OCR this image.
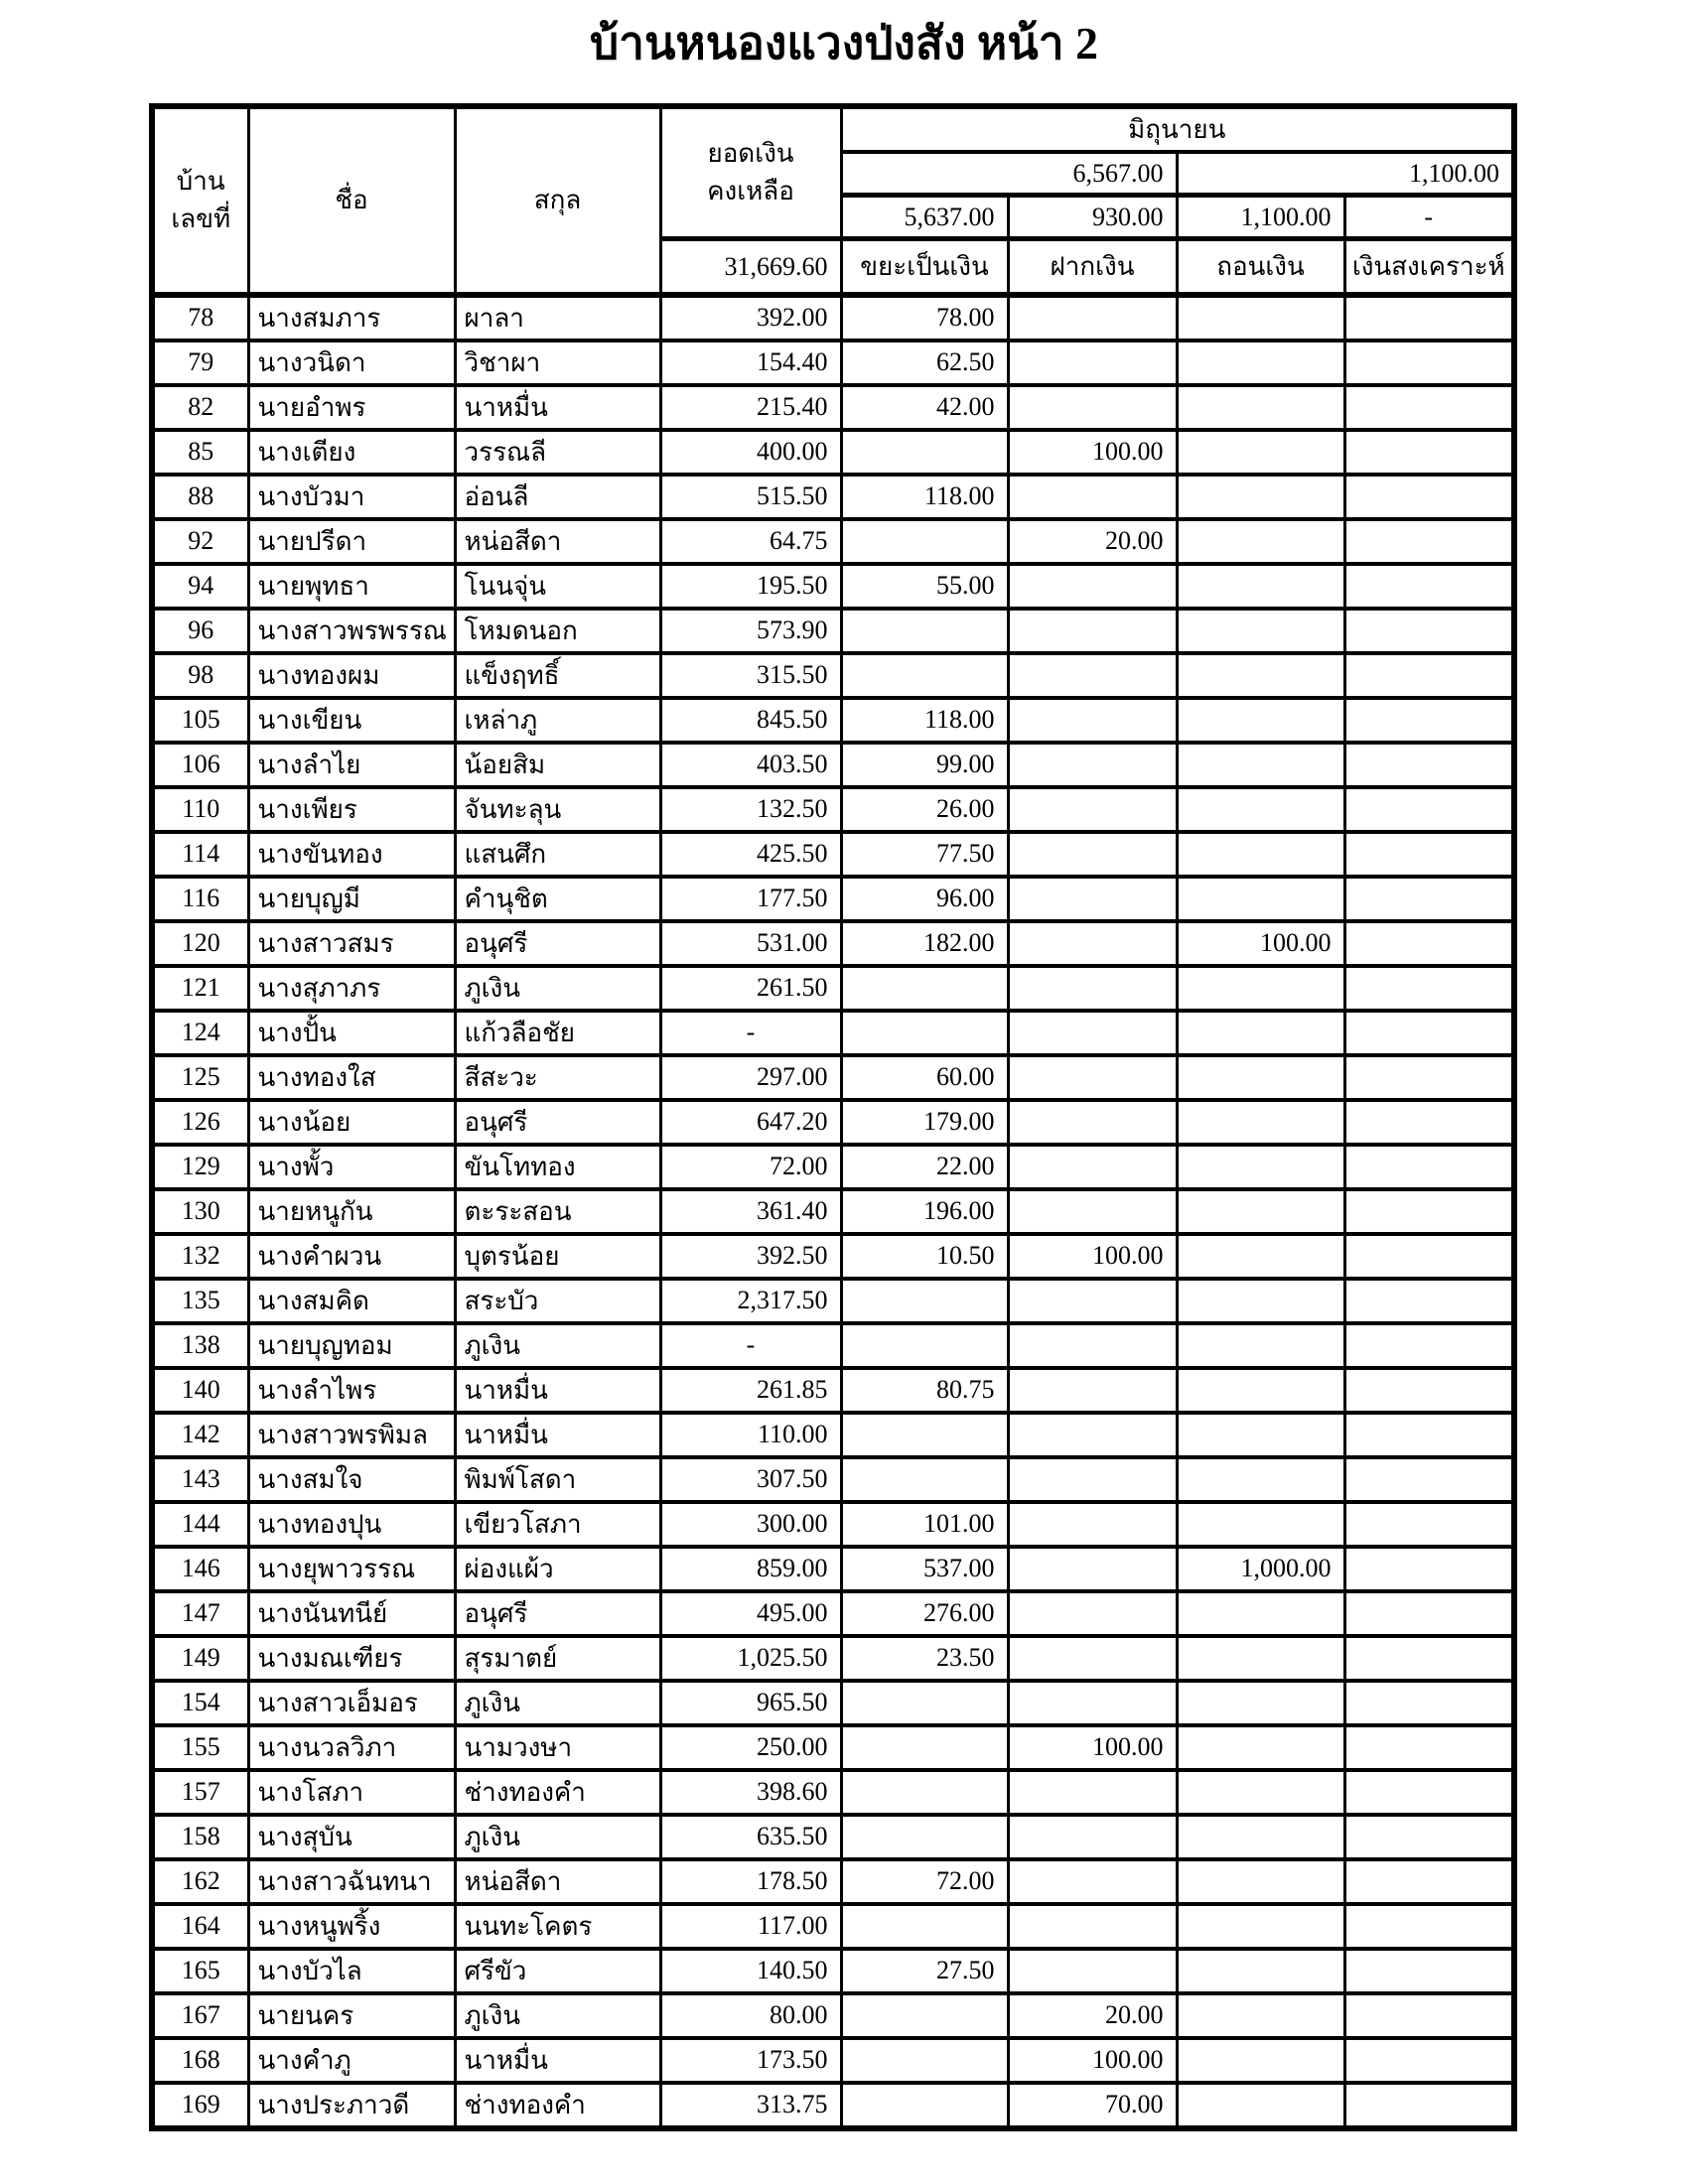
บ้านหนองแวงป่งสัง หน้า 2
บ้าน
เลขที่
	ชื่อ	สกุล	
ยอดเงิน
คงเหลือ
	มิถุนายน
				6,567.00		1,100.00	
				5,637.00	930.00	1,100.00	-
			31,669.60	ขยะเป็นเงิน	ฝากเงิน	ถอนเงิน	เงินสงเคราะห์
78	นางสมภาร	ผาลา	392.00	78.00			
79	นางวนิดา	วิชาผา	154.40	62.50			
82	นายอำพร	นาหมื่น	215.40	42.00			
85	นางเตียง	วรรณลี	400.00		100.00		
88	นางบัวมา	อ่อนลี	515.50	118.00			
92	นายปรีดา	หน่อสีดา	64.75		20.00		
94	นายพุทธา	โนนจุ่น	195.50	55.00			
96	นางสาวพรพรรณ	โหมดนอก	573.90				
98	นางทองผม	แข็งฤทธิ์	315.50				
105	นางเขียน	เหล่าภู	845.50	118.00			
106	นางลำไย	น้อยสิม	403.50	99.00			
110	นางเพียร	จันทะลุน	132.50	26.00			
114	นางขันทอง	แสนศึก	425.50	77.50			
116	นายบุญมี	คำนุชิต	177.50	96.00			
120	นางสาวสมร	อนุศรี	531.00	182.00		100.00	
121	นางสุภาภร	ภูเงิน	261.50				
124	นางปั้น	แก้วลือชัย	-				
125	นางทองใส	สีสะวะ	297.00	60.00			
126	นางน้อย	อนุศรี	647.20	179.00			
129	นางพั้ว	ขันโททอง	72.00	22.00			
130	นายหนูกัน	ตะระสอน	361.40	196.00			
132	นางคำผวน	บุตรน้อย	392.50	10.50	100.00		
135	นางสมคิด	สระบัว	2,317.50				
138	นายบุญทอม	ภูเงิน	-				
140	นางลำไพร	นาหมื่น	261.85	80.75			
142	นางสาวพรพิมล	นาหมื่น	110.00				
143	นางสมใจ	พิมพ์โสดา	307.50				
144	นางทองปุน	เขียวโสภา	300.00	101.00			
146	นางยุพาวรรณ	ผ่องแผ้ว	859.00	537.00		1,000.00	
147	นางนันทนีย์	อนุศรี	495.00	276.00			
149	นางมณเฑียร	สุรมาตย์	1,025.50	23.50			
154	นางสาวเอ็มอร	ภูเงิน	965.50				
155	นางนวลวิภา	นามวงษา	250.00		100.00		
157	นางโสภา	ช่างทองคำ	398.60				
158	นางสุบัน	ภูเงิน	635.50				
162	นางสาวฉันทนา	หน่อสีดา	178.50	72.00			
164	นางหนูพริ้ง	นนทะโคตร	117.00				
165	นางบัวไล	ศรีขัว	140.50	27.50			
167	นายนคร	ภูเงิน	80.00		20.00		
168	นางคำภู	นาหมื่น	173.50		100.00		
169	นางประภาวดี	ช่างทองคำ	313.75		70.00		
